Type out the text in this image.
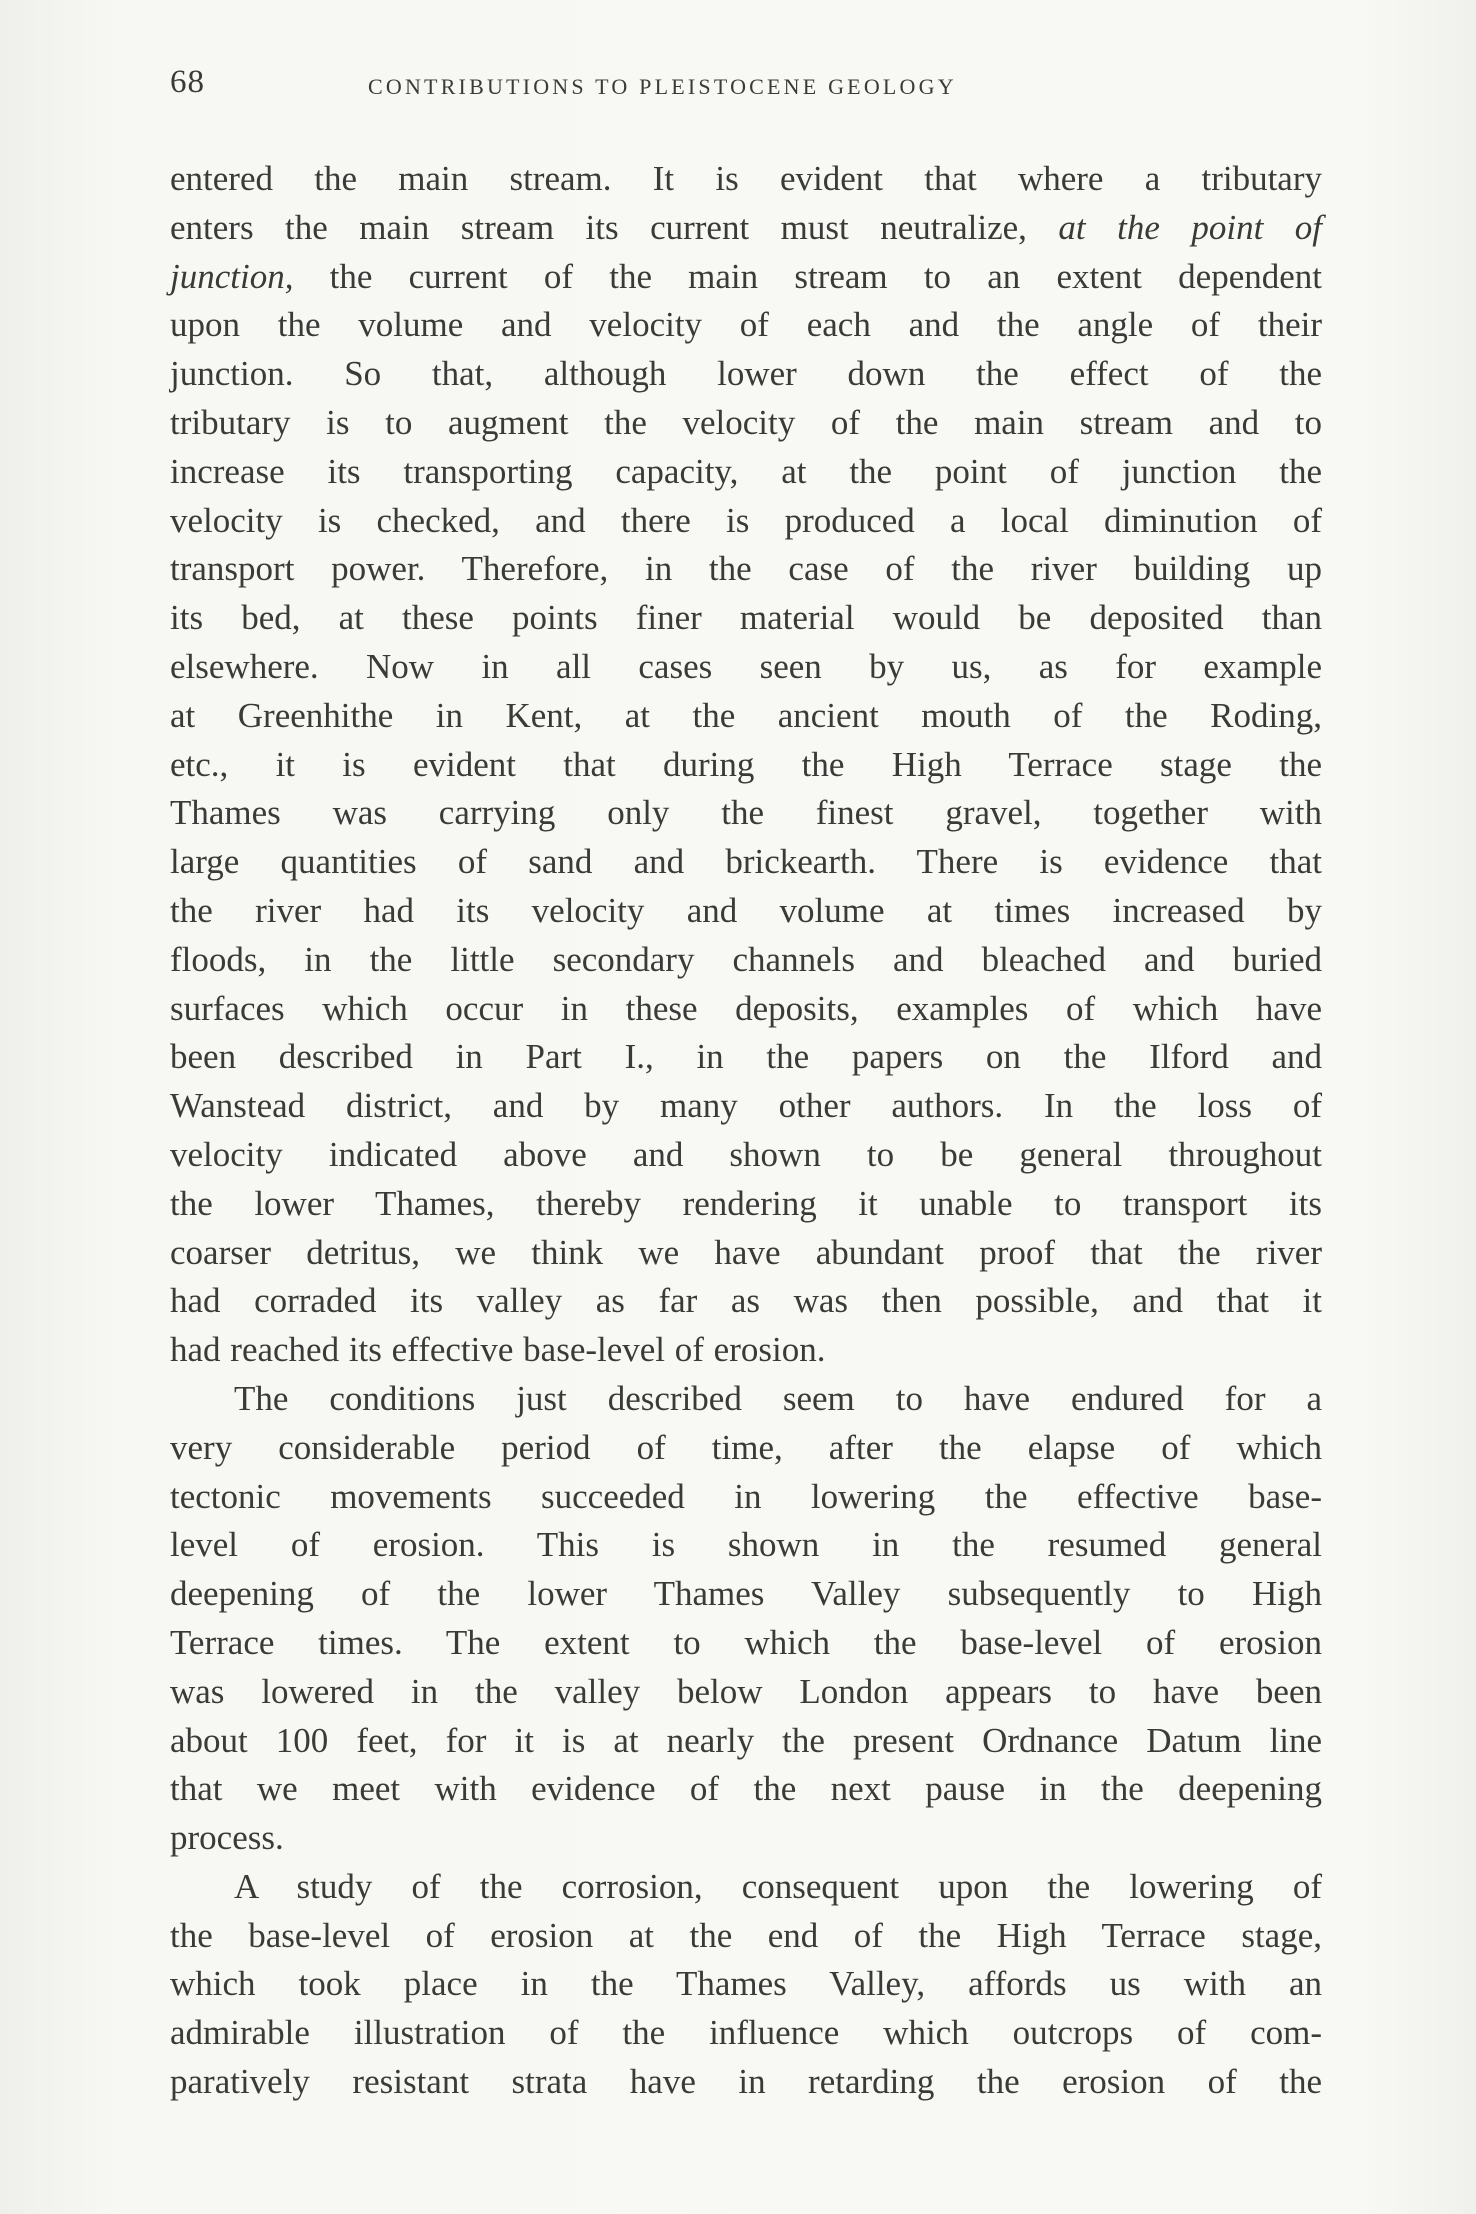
68	CONTRIBUTIONS TO PLEISTOCENE GEOLOGY
entered the main stream. It is evident that where a tributary
enters the main stream its current must neutralize, at the point of
junction, the current of the main stream to an extent dependent
upon the volume and velocity of each and the angle of their
junction. So that, although lower down the effect of the
tributary is to augment the velocity of the main stream and to
increase its transporting capacity, at the point of junction the
velocity is checked, and there is produced a local diminution of
transport power. Therefore, in the case of the river building up
its bed, at these points finer material would be deposited than
elsewhere. Now in all cases seen by us, as for example
at Greenhithe in Kent, at the ancient mouth of the Roding,
etc., it is evident that during the High Terrace stage the
Thames was carrying only the finest gravel, together with
large quantities of sand and brickearth. There is evidence that
the river had its velocity and volume at times increased by
floods, in the little secondary channels and bleached and buried
surfaces which occur in these deposits, examples of which have
been described in Part I., in the papers on the Ilford and
Wanstead district, and by many other authors. In the loss of
velocity indicated above and shown to be general throughout
the lower Thames, thereby rendering it unable to transport its
coarser detritus, we think we have abundant proof that the river
had corraded its valley as far as was then possible, and that it
had reached its effective base-level of erosion.
The conditions just described seem to have endured for a
very considerable period of time, after the elapse of which
tectonic movements succeeded in lowering the effective base-
level of erosion. This is shown in the resumed general
deepening of the lower Thames Valley subsequently to High
Terrace times. The extent to which the base-level of erosion
was lowered in the valley below London appears to have been
about 100 feet, for it is at nearly the present Ordnance Datum line
that we meet with evidence of the next pause in the deepening
process.
A study of the corrosion, consequent upon the lowering of
the base-level of erosion at the end of the High Terrace stage,
which took place in the Thames Valley, affords us with an
admirable illustration of the influence which outcrops of com-
paratively resistant strata have in retarding the erosion of the
